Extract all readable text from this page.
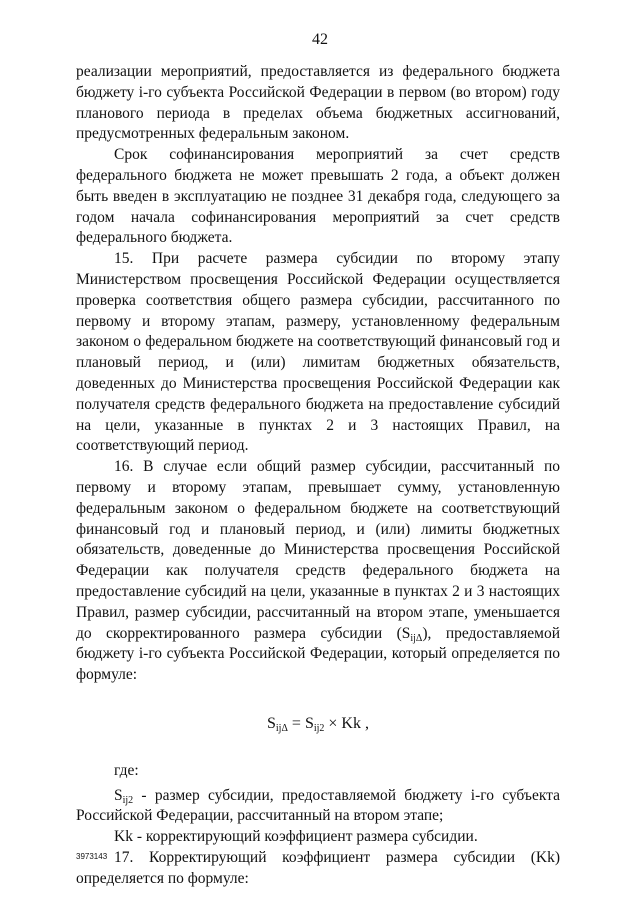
42

реализации мероприятий, предоставляется из федерального бюджета бюджету i-го субъекта Российской Федерации в первом (во втором) году планового периода в пределах объема бюджетных ассигнований, предусмотренных федеральным законом.

Срок софинансирования мероприятий за счет средств федерального бюджета не может превышать 2 года, а объект должен быть введен в эксплуатацию не позднее 31 декабря года, следующего за годом начала софинансирования мероприятий за счет средств федерального бюджета.

15. При расчете размера субсидии по второму этапу Министерством просвещения Российской Федерации осуществляется проверка соответствия общего размера субсидии, рассчитанного по первому и второму этапам, размеру, установленному федеральным законом о федеральном бюджете на соответствующий финансовый год и плановый период, и (или) лимитам бюджетных обязательств, доведенных до Министерства просвещения Российской Федерации как получателя средств федерального бюджета на предоставление субсидий на цели, указанные в пунктах 2 и 3 настоящих Правил, на соответствующий период.

16. В случае если общий размер субсидии, рассчитанный по первому и второму этапам, превышает сумму, установленную федеральным законом о федеральном бюджете на соответствующий финансовый год и плановый период, и (или) лимиты бюджетных обязательств, доведенные до Министерства просвещения Российской Федерации как получателя средств федерального бюджета на предоставление субсидий на цели, указанные в пунктах 2 и 3 настоящих Правил, размер субсидии, рассчитанный на втором этапе, уменьшается до скорректированного размера субсидии $(S_{ij\Delta})$, предоставляемой бюджету i-го субъекта Российской Федерации, который определяется по формуле:

$S_{ij\Delta} = S_{ij2} \times Kk$ ,

где:

$S_{ij2}$ - размер субсидии, предоставляемой бюджету i-го субъекта Российской Федерации, рассчитанный на втором этапе;

Kk - корректирующий коэффициент размера субсидии.

17. Корректирующий коэффициент размера субсидии (Kk) определяется по формуле:

3973143
